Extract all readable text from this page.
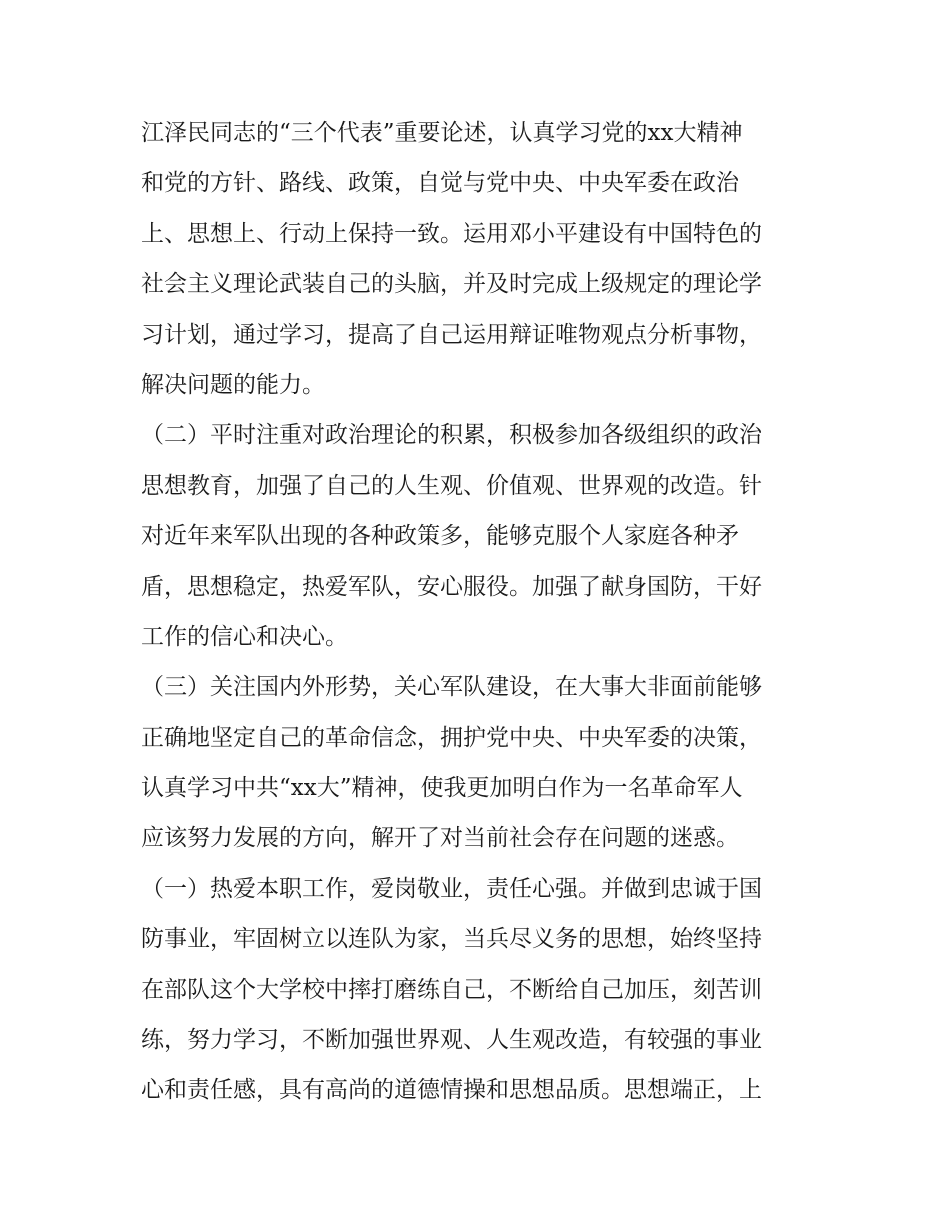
江泽民同志的“三个代表”重要论述，认真学习党的xx大精神
和党的方针、路线、政策，自觉与党中央、中央军委在政治
上、思想上、行动上保持一致。运用邓小平建设有中国特色的
社会主义理论武装自己的头脑，并及时完成上级规定的理论学
习计划，通过学习，提高了自己运用辩证唯物观点分析事物，
解决问题的能力。
（二）平时注重对政治理论的积累，积极参加各级组织的政治
思想教育，加强了自己的人生观、价值观、世界观的改造。针
对近年来军队出现的各种政策多，能够克服个人家庭各种矛
盾，思想稳定，热爱军队，安心服役。加强了献身国防，干好
工作的信心和决心。
（三）关注国内外形势，关心军队建设，在大事大非面前能够
正确地坚定自己的革命信念，拥护党中央、中央军委的决策，
认真学习中共“xx大”精神，使我更加明白作为一名革命军人
应该努力发展的方向，解开了对当前社会存在问题的迷惑。
（一）热爱本职工作，爱岗敬业，责任心强。并做到忠诚于国
防事业，牢固树立以连队为家，当兵尽义务的思想，始终坚持
在部队这个大学校中摔打磨练自己，不断给自己加压，刻苦训
练，努力学习，不断加强世界观、人生观改造，有较强的事业
心和责任感，具有高尚的道德情操和思想品质。思想端正，上
